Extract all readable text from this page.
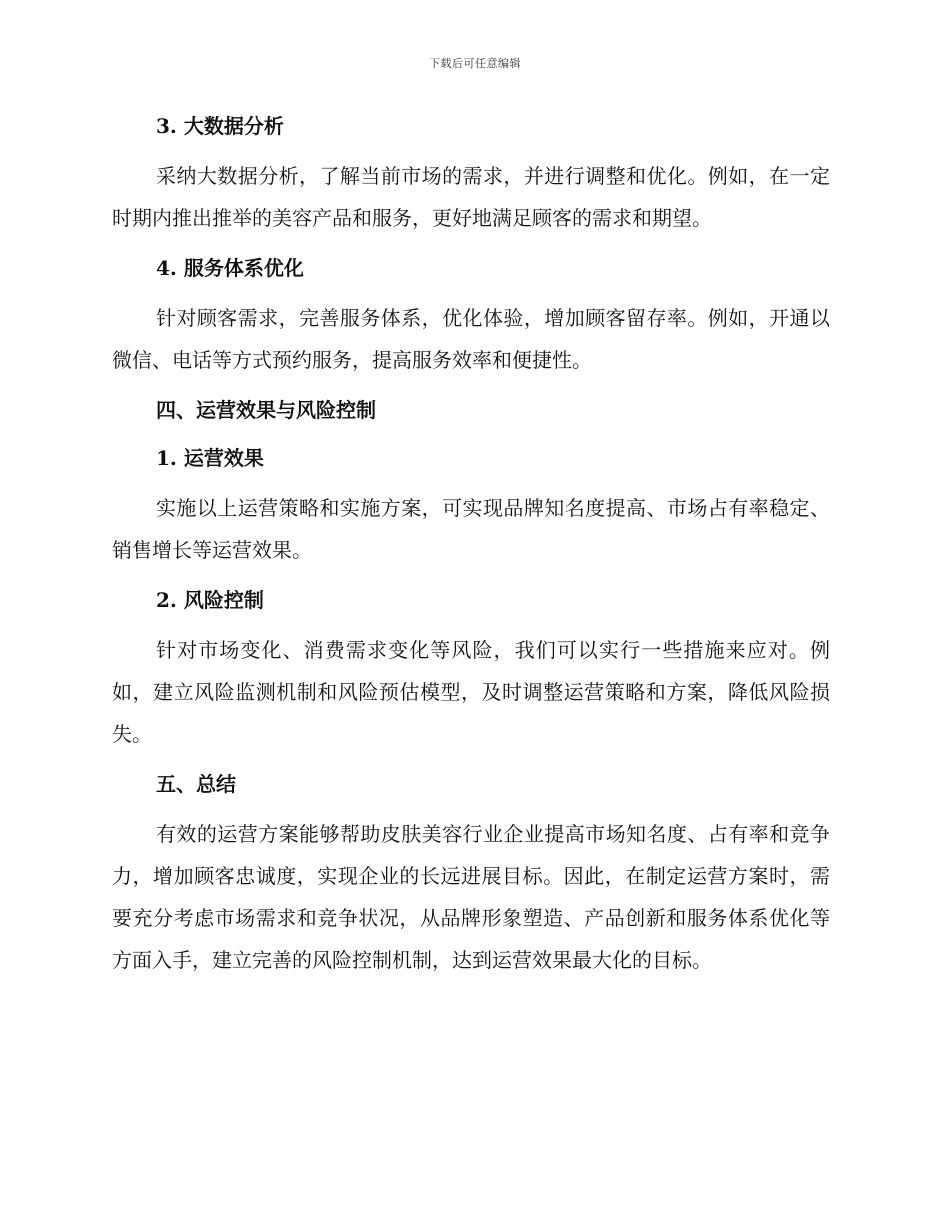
下载后可任意编辑
3. 大数据分析

采纳大数据分析，了解当前市场的需求，并进行调整和优化。例如，在一定时期内推出推举的美容产品和服务，更好地满足顾客的需求和期望。

4. 服务体系优化

针对顾客需求，完善服务体系，优化体验，增加顾客留存率。例如，开通以微信、电话等方式预约服务，提高服务效率和便捷性。

四、运营效果与风险控制
1. 运营效果

实施以上运营策略和实施方案，可实现品牌知名度提高、市场占有率稳定、销售增长等运营效果。

2. 风险控制

针对市场变化、消费需求变化等风险，我们可以实行一些措施来应对。例如，建立风险监测机制和风险预估模型，及时调整运营策略和方案，降低风险损失。

五、总结

有效的运营方案能够帮助皮肤美容行业企业提高市场知名度、占有率和竞争力，增加顾客忠诚度，实现企业的长远进展目标。因此，在制定运营方案时，需要充分考虑市场需求和竞争状况，从品牌形象塑造、产品创新和服务体系优化等方面入手，建立完善的风险控制机制，达到运营效果最大化的目标。
